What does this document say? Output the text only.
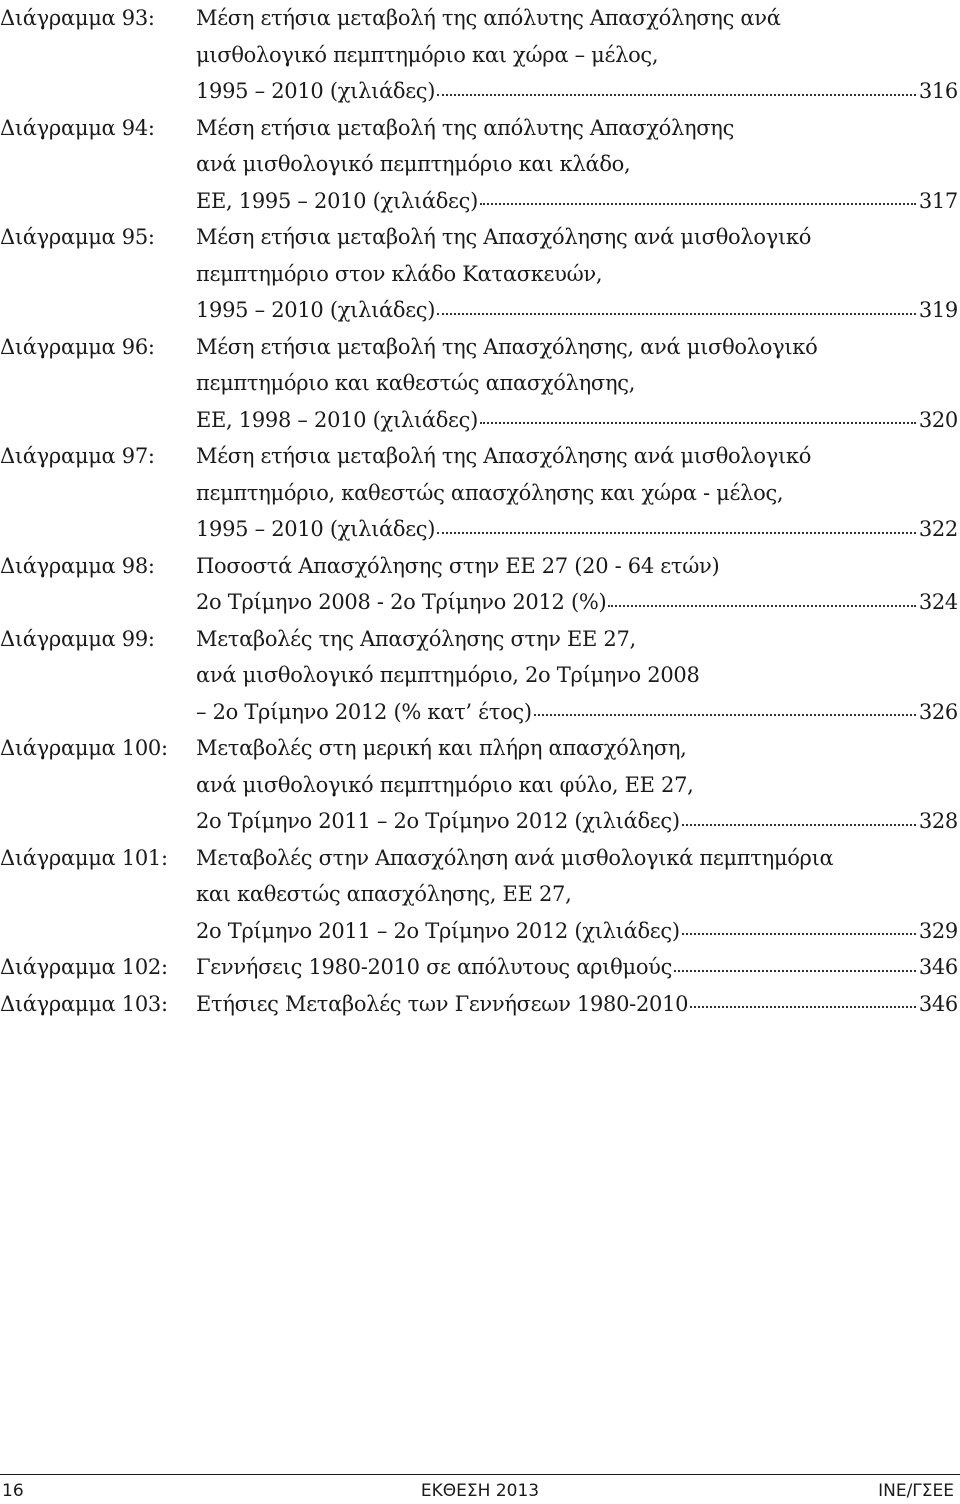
Διάγραμμα 93:	Μέση ετήσια μεταβολή της απόλυτης Απασχόλησης ανά
μισθολογικό πεμπτημόριο και χώρα – μέλος,
1995 – 2010 (χιλιάδες)	316
Διάγραμμα 94:	Μέση ετήσια μεταβολή της απόλυτης Απασχόλησης
ανά μισθολογικό πεμπτημόριο και κλάδο,
ΕΕ, 1995 – 2010 (χιλιάδες)	317
Διάγραμμα 95:	Μέση ετήσια μεταβολή της Απασχόλησης ανά μισθολογικό
πεμπτημόριο στον κλάδο Κατασκευών,
1995 – 2010 (χιλιάδες)	319
Διάγραμμα 96:	Μέση ετήσια μεταβολή της Απασχόλησης, ανά μισθολογικό
πεμπτημόριο και καθεστώς απασχόλησης,
ΕΕ, 1998 – 2010 (χιλιάδες)	320
Διάγραμμα 97:	Μέση ετήσια μεταβολή της Απασχόλησης ανά μισθολογικό
πεμπτημόριο, καθεστώς απασχόλησης και χώρα - μέλος,
1995 – 2010 (χιλιάδες)	322
Διάγραμμα 98:	Ποσοστά Απασχόλησης στην ΕΕ 27 (20 - 64 ετών)
2ο Τρίμηνο 2008 - 2ο Τρίμηνο 2012 (%)	324
Διάγραμμα 99:	Μεταβολές της Απασχόλησης στην ΕΕ 27,
ανά μισθολογικό πεμπτημόριο, 2ο Τρίμηνο 2008
– 2ο Τρίμηνο 2012 (% κατ’ έτος)	326
Διάγραμμα 100:	Μεταβολές στη μερική και πλήρη απασχόληση,
ανά μισθολογικό πεμπτημόριο και φύλο, ΕΕ 27,
2ο Τρίμηνο 2011 – 2ο Τρίμηνο 2012 (χιλιάδες)	328
Διάγραμμα 101:	Μεταβολές στην Απασχόληση ανά μισθολογικά πεμπτημόρια
και καθεστώς απασχόλησης, ΕΕ 27,
2ο Τρίμηνο 2011 – 2ο Τρίμηνο 2012 (χιλιάδες)	329
Διάγραμμα 102:	Γεννήσεις 1980-2010 σε απόλυτους αριθμούς	346
Διάγραμμα 103:	Ετήσιες Μεταβολές των Γεννήσεων 1980-2010	346
16	ΕΚΘΕΣΗ 2013	ΙΝΕ/ΓΣΕΕ
